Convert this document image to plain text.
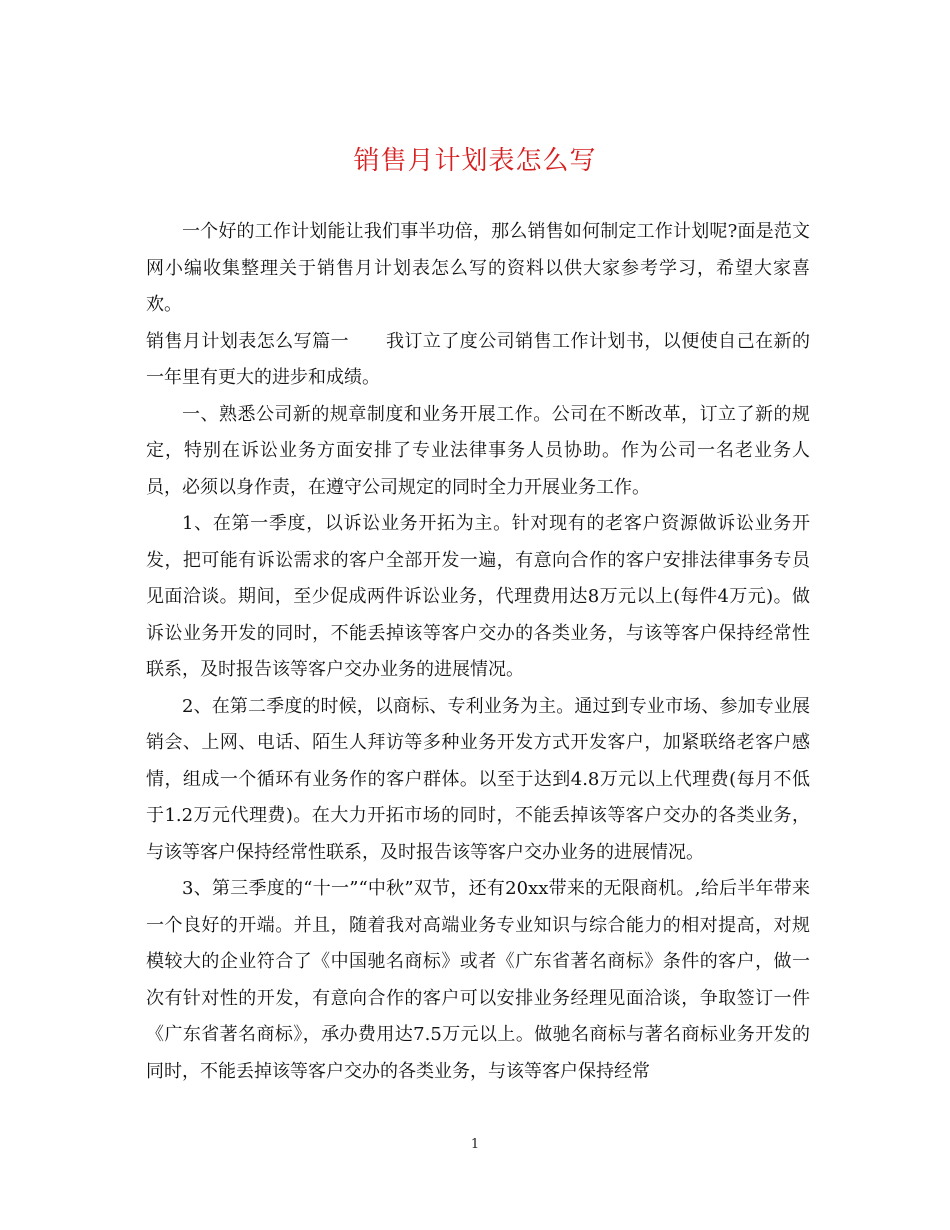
销售月计划表怎么写

一个好的工作计划能让我们事半功倍，那么销售如何制定工作计划呢?面是范文网小编收集整理关于销售月计划表怎么写的资料以供大家参考学习，希望大家喜欢。

销售月计划表怎么写篇一　　我订立了度公司销售工作计划书，以便使自己在新的一年里有更大的进步和成绩。

一、熟悉公司新的规章制度和业务开展工作。公司在不断改革，订立了新的规定，特别在诉讼业务方面安排了专业法律事务人员协助。作为公司一名老业务人员，必须以身作责，在遵守公司规定的同时全力开展业务工作。

1、在第一季度，以诉讼业务开拓为主。针对现有的老客户资源做诉讼业务开发，把可能有诉讼需求的客户全部开发一遍，有意向合作的客户安排法律事务专员见面洽谈。期间，至少促成两件诉讼业务，代理费用达8万元以上(每件4万元)。做诉讼业务开发的同时，不能丢掉该等客户交办的各类业务，与该等客户保持经常性联系，及时报告该等客户交办业务的进展情况。

2、在第二季度的时候，以商标、专利业务为主。通过到专业市场、参加专业展销会、上网、电话、陌生人拜访等多种业务开发方式开发客户，加紧联络老客户感情，组成一个循环有业务作的客户群体。以至于达到4.8万元以上代理费(每月不低于1.2万元代理费)。在大力开拓市场的同时，不能丢掉该等客户交办的各类业务，与该等客户保持经常性联系，及时报告该等客户交办业务的进展情况。

3、第三季度的“十一”“中秋”双节，还有20xx带来的无限商机。,给后半年带来一个良好的开端。并且，随着我对高端业务专业知识与综合能力的相对提高，对规模较大的企业符合了《中国驰名商标》或者《广东省著名商标》条件的客户，做一次有针对性的开发，有意向合作的客户可以安排业务经理见面洽谈，争取签订一件《广东省著名商标》，承办费用达7.5万元以上。做驰名商标与著名商标业务开发的同时，不能丢掉该等客户交办的各类业务，与该等客户保持经常

1
